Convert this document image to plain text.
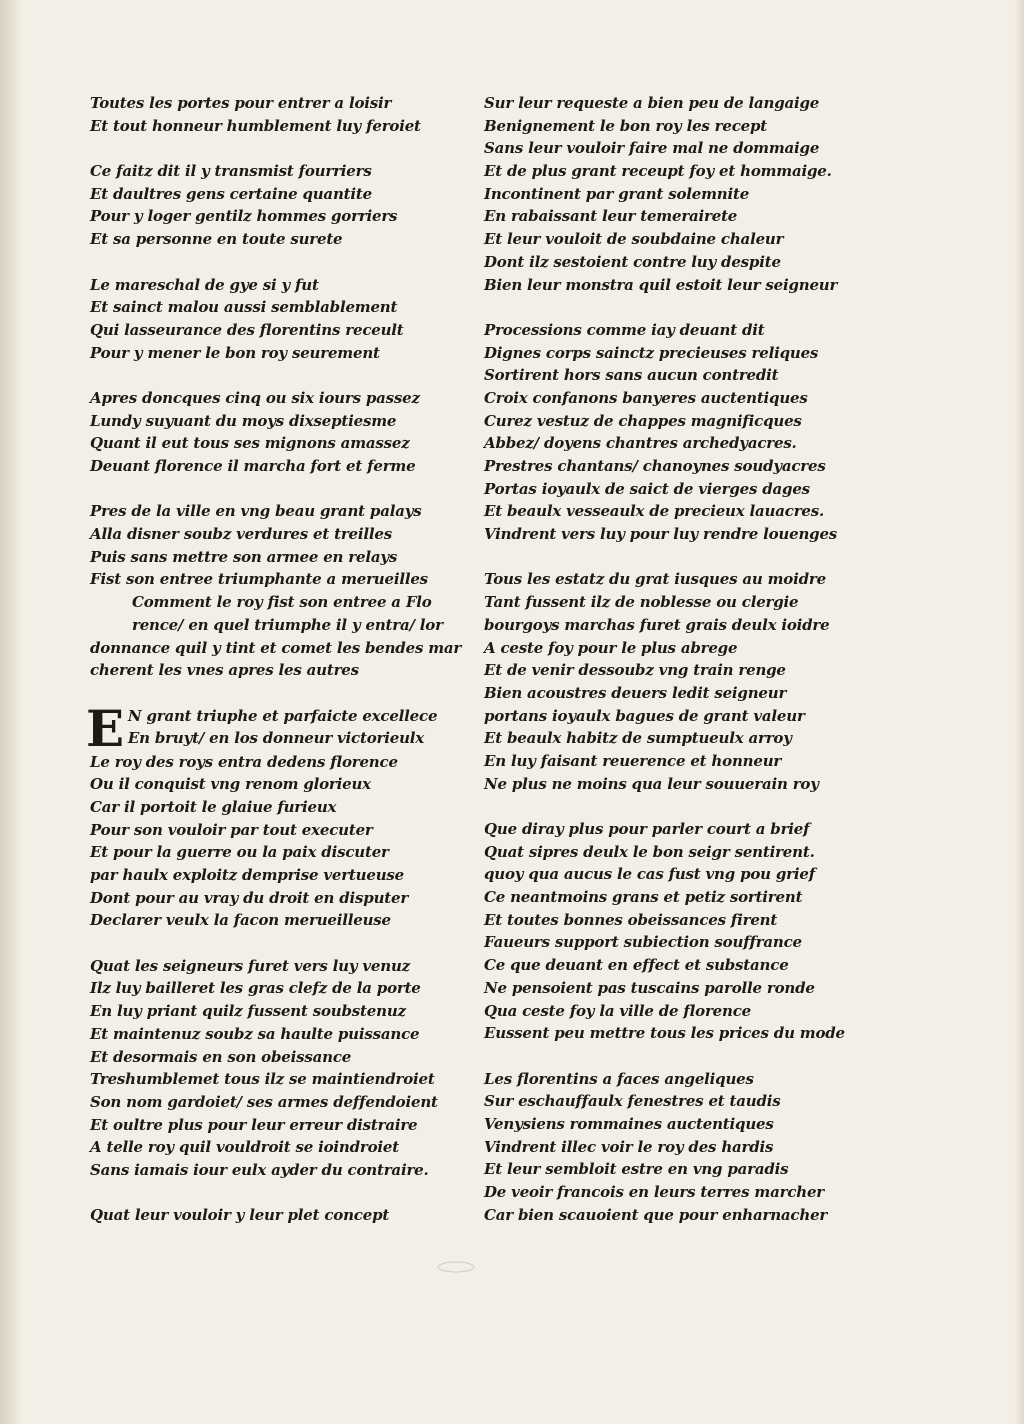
Toutes les portes pour entrer a loisir
Et tout honneur humblement luy feroiet
Ce faitz dit il y transmist fourriers
Et daultres gens certaine quantite
Pour y loger gentilz hommes gorriers
Et sa personne en toute surete
Le mareschal de gye si y fut
Et sainct malou aussi semblablement
Qui lasseurance des florentins receult
Pour y mener le bon roy seurement
Apres doncques cinq ou six iours passez
Lundy suyuant du moys dixseptiesme
Quant il eut tous ses mignons amassez
Deuant florence il marcha fort et ferme
Pres de la ville en vng beau grant palays
Alla disner soubz verdures et treilles
Puis sans mettre son armee en relays
Fist son entree triumphante a merueilles
Comment le roy fist son entree a Flo
rence/ en quel triumphe il y entra/ lor
donnance quil y tint et comet les bendes mar
cherent les vnes apres les autres
E N grant triuphe et parfaicte excellece
En bruyt/ en los donneur victorieulx
Le roy des roys entra dedens florence
Ou il conquist vng renom glorieux
Car il portoit le glaiue furieux
Pour son vouloir par tout executer
Et pour la guerre ou la paix discuter
par haulx exploitz demprise vertueuse
Dont pour au vray du droit en disputer
Declarer veulx la facon merueilleuse
Quat les seigneurs furet vers luy venuz
Ilz luy bailleret les gras clefz de la porte
En luy priant quilz fussent soubstenuz
Et maintenuz soubz sa haulte puissance
Et desormais en son obeissance
Treshumblemet tous ilz se maintiendroiet
Son nom gardoiet/ ses armes deffendoient
Et oultre plus pour leur erreur distraire
A telle roy quil vouldroit se ioindroiet
Sans iamais iour eulx ayder du contraire.
Quat leur vouloir y leur plet concept
Sur leur requeste a bien peu de langaige
Benignement le bon roy les recept
Sans leur vouloir faire mal ne dommaige
Et de plus grant receupt foy et hommaige.
Incontinent par grant solemnite
En rabaissant leur temerairete
Et leur vouloit de soubdaine chaleur
Dont ilz sestoient contre luy despite
Bien leur monstra quil estoit leur seigneur
Processions comme iay deuant dit
Dignes corps sainctz precieuses reliques
Sortirent hors sans aucun contredit
Croix confanons banyeres auctentiques
Curez vestuz de chappes magnificques
Abbez/ doyens chantres archedyacres.
Prestres chantans/ chanoynes soudyacres
Portas ioyaulx de saict de vierges dages
Et beaulx vesseaulx de precieux lauacres.
Vindrent vers luy pour luy rendre louenges
Tous les estatz du grat iusques au moidre
Tant fussent ilz de noblesse ou clergie
bourgoys marchas furet grais deulx ioidre
A ceste foy pour le plus abrege
Et de venir dessoubz vng train renge
Bien acoustres deuers ledit seigneur
portans ioyaulx bagues de grant valeur
Et beaulx habitz de sumptueulx arroy
En luy faisant reuerence et honneur
Ne plus ne moins qua leur souuerain roy
Que diray plus pour parler court a brief
Quat sipres deulx le bon seigr sentirent.
quoy qua aucus le cas fust vng pou grief
Ce neantmoins grans et petiz sortirent
Et toutes bonnes obeissances firent
Faueurs support subiection souffrance
Ce que deuant en effect et substance
Ne pensoient pas tuscains parolle ronde
Qua ceste foy la ville de florence
Eussent peu mettre tous les prices du mode
Les florentins a faces angeliques
Sur eschauffaulx fenestres et taudis
Venysiens rommaines auctentiques
Vindrent illec voir le roy des hardis
Et leur sembloit estre en vng paradis
De veoir francois en leurs terres marcher
Car bien scauoient que pour enharnacher
